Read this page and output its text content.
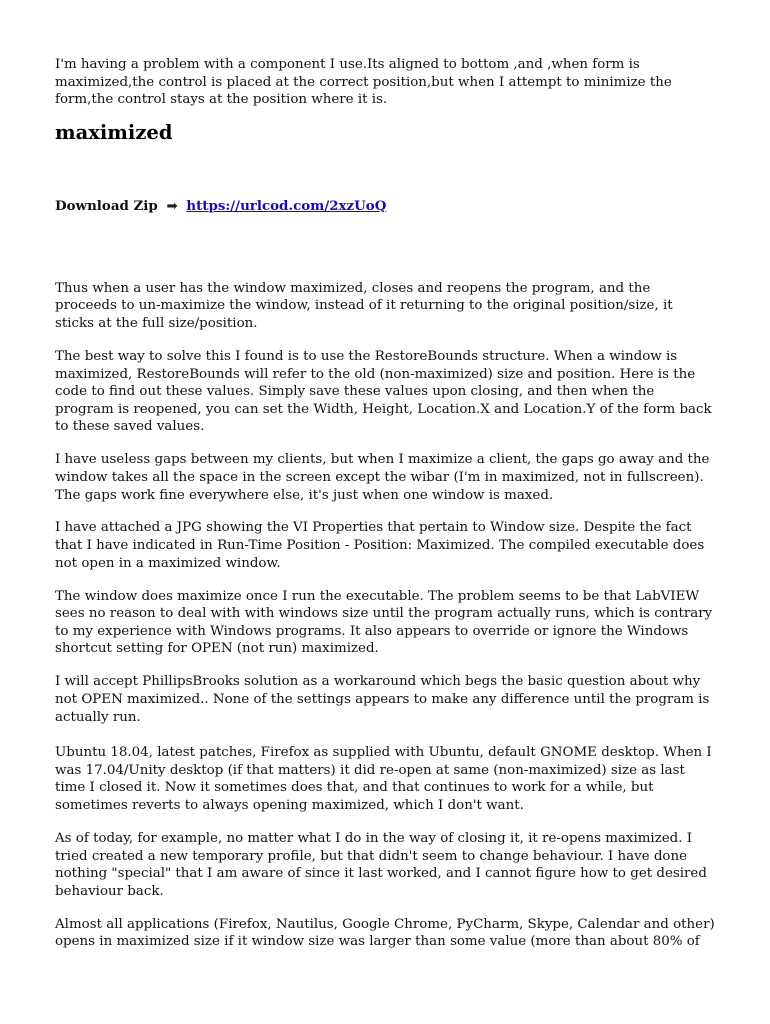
I'm having a problem with a component I use.Its aligned to bottom ,and ,when form is maximized,the control is placed at the correct position,but when I attempt to minimize the form,the control stays at the position where it is.

maximized
Download Zip ➡ https://urlcod.com/2xzUoQ

Thus when a user has the window maximized, closes and reopens the program, and the proceeds to un-maximize the window, instead of it returning to the original position/size, it sticks at the full size/position.

The best way to solve this I found is to use the RestoreBounds structure. When a window is maximized, RestoreBounds will refer to the old (non-maximized) size and position. Here is the code to find out these values. Simply save these values upon closing, and then when the program is reopened, you can set the Width, Height, Location.X and Location.Y of the form back to these saved values.

I have useless gaps between my clients, but when I maximize a client, the gaps go away and the window takes all the space in the screen except the wibar (I'm in maximized, not in fullscreen). The gaps work fine everywhere else, it's just when one window is maxed.

I have attached a JPG showing the VI Properties that pertain to Window size. Despite the fact that I have indicated in Run-Time Position - Position: Maximized. The compiled executable does not open in a maximized window.

The window does maximize once I run the executable. The problem seems to be that LabVIEW sees no reason to deal with with windows size until the program actually runs, which is contrary to my experience with Windows programs. It also appears to override or ignore the Windows shortcut setting for OPEN (not run) maximized.

I will accept PhillipsBrooks solution as a workaround which begs the basic question about why not OPEN maximized.. None of the settings appears to make any difference until the program is actually run.

Ubuntu 18.04, latest patches, Firefox as supplied with Ubuntu, default GNOME desktop. When I was 17.04/Unity desktop (if that matters) it did re-open at same (non-maximized) size as last time I closed it. Now it sometimes does that, and that continues to work for a while, but sometimes reverts to always opening maximized, which I don't want.

As of today, for example, no matter what I do in the way of closing it, it re-opens maximized. I tried created a new temporary profile, but that didn't seem to change behaviour. I have done nothing "special" that I am aware of since it last worked, and I cannot figure how to get desired behaviour back.

Almost all applications (Firefox, Nautilus, Google Chrome, PyCharm, Skype, Calendar and other) opens in maximized size if it window size was larger than some value (more than about 80% of
